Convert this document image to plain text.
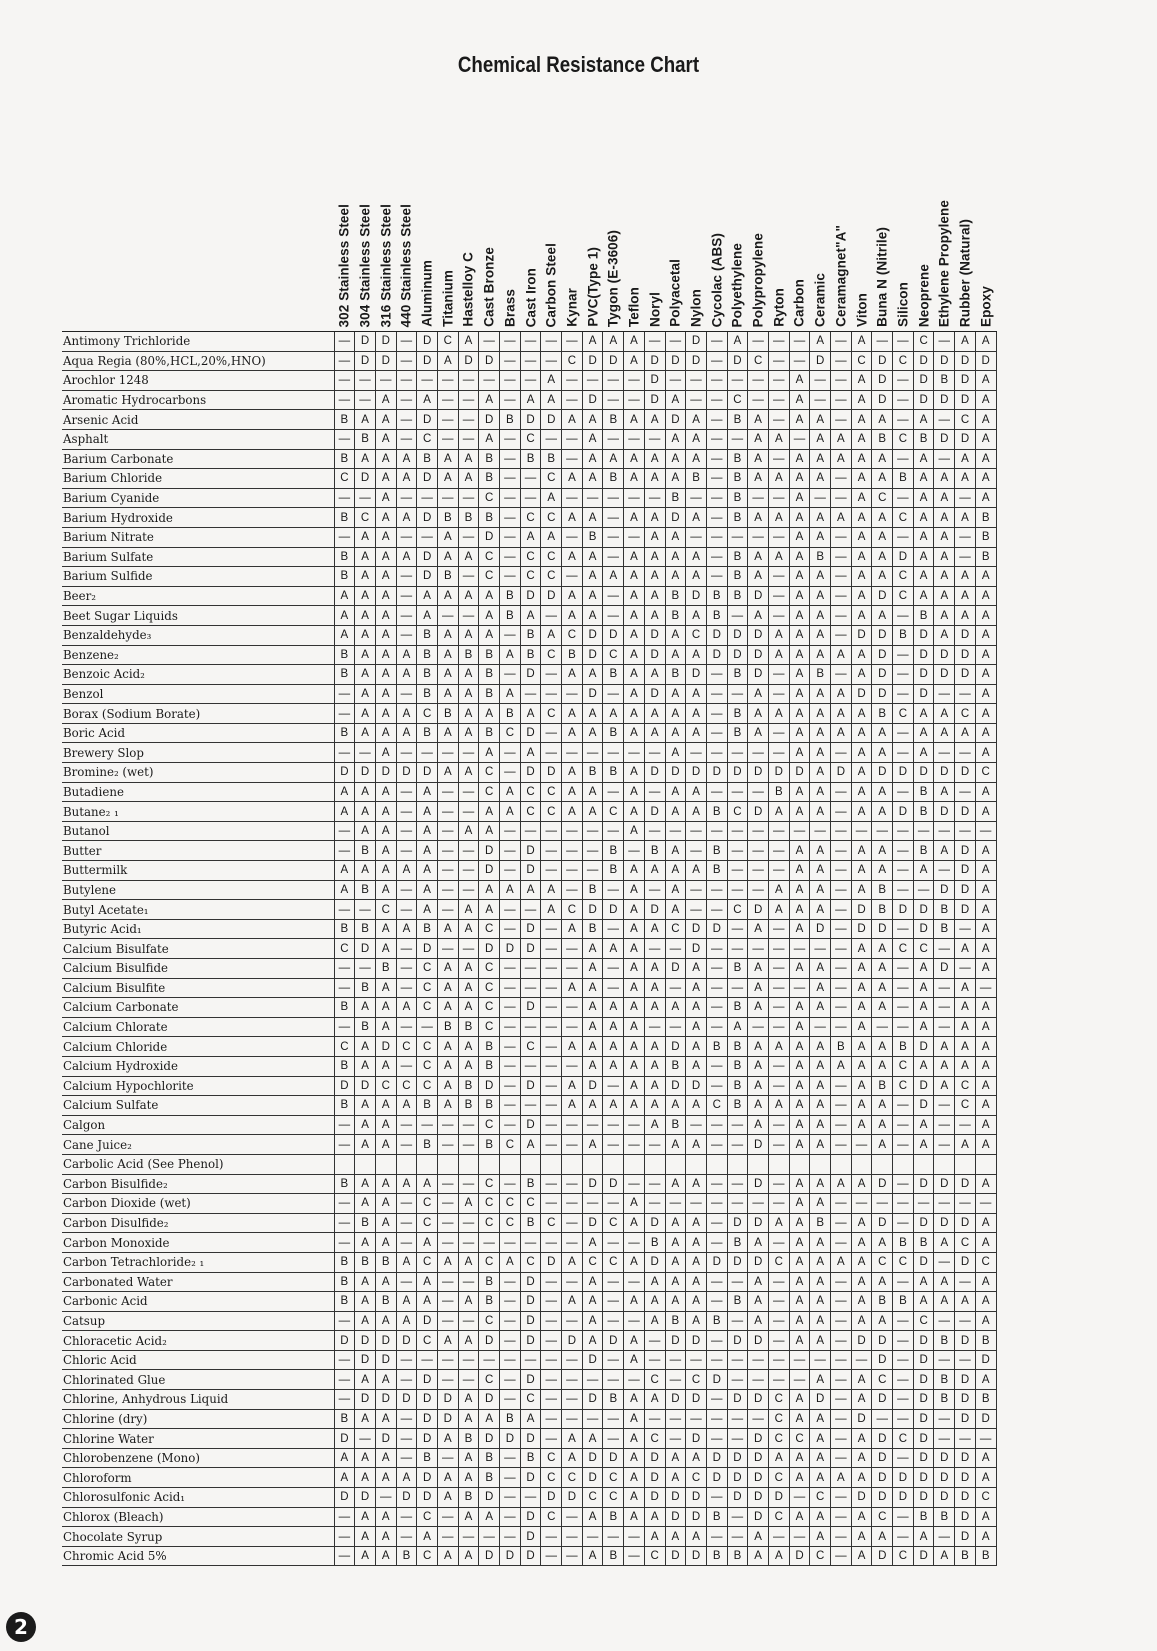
Chemical Resistance Chart

	302 Stainless Steel	304 Stainless Steel	316 Stainless Steel	440 Stainless Steel	Aluminum	Titanium	Hastelloy C	Cast Bronze	Brass	Cast Iron	Carbon Steel	Kynar	PVC(Type 1)	Tygon (E-3606)	Teflon	Noryl	Polyacetal	Nylon	Cycolac (ABS)	Polyethylene	Polypropylene	Ryton	Carbon	Ceramic	Ceramagnet"A"	Viton	Buna N (Nitrile)	Silicon	Neoprene	Ethylene Propylene	Rubber (Natural)	Epoxy

Antimony Trichloride	—	D	D	—	D	C	A	—	—	—	—	—	A	A	A	—	—	D	—	A	—	—	—	A	—	A	—	—	C	—	A	A
Aqua Regia (80%,HCL,20%,HNO)	—	D	D	—	D	A	D	D	—	—	—	C	D	D	A	D	D	D	—	D	C	—	—	D	—	C	D	C	D	D	D	D
Arochlor 1248	—	—	—	—	—	—	—	—	—	—	A	—	—	—	—	D	—	—	—	—	—	—	A	—	—	A	D	—	D	B	D	A
Aromatic Hydrocarbons	—	—	A	—	A	—	—	A	—	A	A	—	D	—	—	D	A	—	—	C	—	—	A	—	—	A	D	—	D	D	D	A
Arsenic Acid	B	A	A	—	D	—	—	D	B	D	D	A	A	B	A	A	D	A	—	B	A	—	A	A	—	A	A	—	A	—	C	A
Asphalt	—	B	A	—	C	—	—	A	—	C	—	—	A	—	—	—	A	A	—	—	A	A	—	A	A	A	B	C	B	D	D	A
Barium Carbonate	B	A	A	A	B	A	A	B	—	B	B	—	A	A	A	A	A	A	—	B	A	—	A	A	A	A	A	—	A	—	A	A
Barium Chloride	C	D	A	A	D	A	A	B	—	—	C	A	A	B	A	A	A	B	—	B	A	A	A	A	—	A	A	B	A	A	A	A
Barium Cyanide	—	—	A	—	—	—	—	C	—	—	A	—	—	—	—	—	B	—	—	B	—	—	A	—	—	A	C	—	A	A	—	A
Barium Hydroxide	B	C	A	A	D	B	B	B	—	C	C	A	A	—	A	A	D	A	—	B	A	A	A	A	A	A	A	C	A	A	A	B
Barium Nitrate	—	A	A	—	—	A	—	D	—	A	A	—	B	—	—	A	A	—	—	—	—	—	A	A	—	A	A	—	A	A	—	B
Barium Sulfate	B	A	A	A	D	A	A	C	—	C	C	A	A	—	A	A	A	A	—	B	A	A	A	B	—	A	A	D	A	A	—	B
Barium Sulfide	B	A	A	—	D	B	—	C	—	C	C	—	A	A	A	A	A	A	—	B	A	—	A	A	—	A	A	C	A	A	A	A
Beer₂	A	A	A	—	A	A	A	A	B	D	D	A	A	—	A	A	B	D	B	B	D	—	A	A	—	A	D	C	A	A	A	A
Beet Sugar Liquids	A	A	A	—	A	—	—	A	B	A	—	A	A	—	A	A	B	A	B	—	A	—	A	A	—	A	A	—	B	A	A	A
Benzaldehyde₃	A	A	A	—	B	A	A	A	—	B	A	C	D	D	A	D	A	C	D	D	D	A	A	A	—	D	D	B	D	A	D	A
Benzene₂	B	A	A	A	B	A	B	B	A	B	C	B	D	C	A	D	A	A	D	D	D	A	A	A	A	A	D	—	D	D	D	A
Benzoic Acid₂	B	A	A	A	B	A	A	B	—	D	—	A	A	B	A	A	B	D	—	B	D	—	A	B	—	A	D	—	D	D	D	A
Benzol	—	A	A	—	B	A	A	B	A	—	—	—	D	—	A	D	A	A	—	—	A	—	A	A	A	D	D	—	D	—	—	A
Borax (Sodium Borate)	—	A	A	A	C	B	A	A	B	A	C	A	A	A	A	A	A	A	—	B	A	A	A	A	A	A	B	C	A	A	C	A
Boric Acid	B	A	A	A	B	A	A	B	C	D	—	A	A	B	A	A	A	A	—	B	A	—	A	A	A	A	A	—	A	A	A	A
Brewery Slop	—	—	A	—	—	—	—	A	—	A	—	—	—	—	—	—	A	—	—	—	—	—	A	A	—	A	A	—	A	—	—	A
Bromine₂ (wet)	D	D	D	D	D	A	A	C	—	D	D	A	B	B	A	D	D	D	D	D	D	D	D	A	D	A	D	D	D	D	D	C
Butadiene	A	A	A	—	A	—	—	C	A	C	C	A	A	—	A	—	A	A	—	—	—	B	A	A	—	A	A	—	B	A	—	A
Butane₂ ₁	A	A	A	—	A	—	—	A	A	C	C	A	A	C	A	D	A	A	B	C	D	A	A	A	—	A	A	D	B	D	D	A
Butanol	—	A	A	—	A	—	A	A	—	—	—	—	—	—	A	—	—	—	—	—	—	—	—	—	—	—	—	—	—	—	—	—
Butter	—	B	A	—	A	—	—	D	—	D	—	—	—	B	—	B	A	—	B	—	—	—	A	A	—	A	A	—	B	A	D	A
Buttermilk	A	A	A	A	A	—	—	D	—	D	—	—	—	B	A	A	A	A	B	—	—	—	A	A	—	A	A	—	A	—	D	A
Butylene	A	B	A	—	A	—	—	A	A	A	A	—	B	—	A	—	A	—	—	—	—	A	A	A	—	A	B	—	—	D	D	A
Butyl Acetate₁	—	—	C	—	A	—	A	A	—	—	A	C	D	D	A	D	A	—	—	C	D	A	A	A	—	D	B	D	D	B	D	A
Butyric Acid₁	B	B	A	A	B	A	A	C	—	D	—	A	B	—	A	A	C	D	D	—	A	—	A	D	—	D	D	—	D	B	—	A
Calcium Bisulfate	C	D	A	—	D	—	—	D	D	D	—	—	A	A	A	—	—	D	—	—	—	—	—	—	—	A	A	C	C	—	A	A
Calcium Bisulfide	—	—	B	—	C	A	A	C	—	—	—	—	A	—	A	A	D	A	—	B	A	—	A	A	—	A	A	—	A	D	—	A
Calcium Bisulfite	—	B	A	—	C	A	A	C	—	—	—	A	A	—	A	A	—	A	—	—	A	—	—	A	—	A	A	—	A	—	A	—
Calcium Carbonate	B	A	A	A	C	A	A	C	—	D	—	—	A	A	A	A	A	A	—	B	A	—	A	A	—	A	A	—	A	—	A	A
Calcium Chlorate	—	B	A	—	—	B	B	C	—	—	—	—	A	A	A	—	—	A	—	A	—	—	A	—	—	A	—	—	A	—	A	A
Calcium Chloride	C	A	D	C	C	A	A	B	—	C	—	A	A	A	A	A	D	A	B	B	A	A	A	A	B	A	A	B	D	A	A	A
Calcium Hydroxide	B	A	A	—	C	A	A	B	—	—	—	—	A	A	A	A	B	A	—	B	A	—	A	A	A	A	A	C	A	A	A	A
Calcium Hypochlorite	D	D	C	C	C	A	B	D	—	D	—	A	D	—	A	A	D	D	—	B	A	—	A	A	—	A	B	C	D	A	C	A
Calcium Sulfate	B	A	A	A	B	A	B	B	—	—	—	A	A	A	A	A	A	A	C	B	A	A	A	A	—	A	A	—	D	—	C	A
Calgon	—	A	A	—	—	—	—	C	—	D	—	—	—	—	—	A	B	—	—	—	A	—	A	A	—	A	A	—	A	—	—	A
Cane Juice₂	—	A	A	—	B	—	—	B	C	A	—	—	A	—	—	—	A	A	—	—	D	—	A	A	—	—	A	—	A	—	A	A
Carbolic Acid (See Phenol)																																
Carbon Bisulfide₂	B	A	A	A	A	—	—	C	—	B	—	—	D	D	—	—	A	A	—	—	D	—	A	A	A	A	D	—	D	D	D	A
Carbon Dioxide (wet)	—	A	A	—	C	—	A	C	C	C	—	—	—	—	A	—	—	—	—	—	—	—	A	A	—	—	—	—	—	—	—	—
Carbon Disulfide₂	—	B	A	—	C	—	—	C	C	B	C	—	D	C	A	D	A	A	—	D	D	A	A	B	—	A	D	—	D	D	D	A
Carbon Monoxide	—	A	A	—	A	—	—	—	—	—	—	—	A	—	—	B	A	A	—	B	A	—	A	A	—	A	A	B	B	A	C	A
Carbon Tetrachloride₂ ₁	B	B	B	A	C	A	A	C	A	C	D	A	C	C	A	D	A	A	D	D	D	C	A	A	A	A	C	C	D	—	D	C
Carbonated Water	B	A	A	—	A	—	—	B	—	D	—	—	A	—	—	A	A	A	—	—	A	—	A	A	—	A	A	—	A	A	—	A
Carbonic Acid	B	A	B	A	A	—	A	B	—	D	—	A	A	—	A	A	A	A	—	B	A	—	A	A	—	A	B	B	A	A	A	A
Catsup	—	A	A	A	D	—	—	C	—	D	—	—	A	—	—	A	B	A	B	—	A	—	A	A	—	A	A	—	C	—	—	A
Chloracetic Acid₂	D	D	D	D	C	A	A	D	—	D	—	D	A	D	A	—	D	D	—	D	D	—	A	A	—	D	D	—	D	B	D	B
Chloric Acid	—	D	D	—	—	—	—	—	—	—	—	—	D	—	A	—	—	—	—	—	—	—	—	—	—	—	D	—	D	—	—	D
Chlorinated Glue	—	A	A	—	D	—	—	C	—	D	—	—	—	—	—	C	—	C	D	—	—	—	—	A	—	A	C	—	D	B	D	A
Chlorine, Anhydrous Liquid	—	D	D	D	D	D	A	D	—	C	—	—	D	B	A	A	D	D	—	D	D	C	A	D	—	A	D	—	D	B	D	B
Chlorine (dry)	B	A	A	—	D	D	A	A	B	A	—	—	—	—	A	—	—	—	—	—	—	C	A	A	—	D	—	—	D	—	D	D
Chlorine Water	D	—	D	—	D	A	B	D	D	D	—	A	A	—	A	C	—	D	—	—	D	C	C	A	—	A	D	C	D	—	—	—
Chlorobenzene (Mono)	A	A	A	—	B	—	A	B	—	B	C	A	D	D	A	D	A	A	D	D	D	A	A	A	—	A	D	—	D	D	D	A
Chloroform	A	A	A	A	D	A	A	B	—	D	C	C	D	C	A	D	A	C	D	D	D	C	A	A	A	A	D	D	D	D	D	A
Chlorosulfonic Acid₁	D	D	—	D	D	A	B	D	—	—	D	D	C	C	A	D	D	D	—	D	D	D	—	C	—	D	D	D	D	D	D	C
Chlorox (Bleach)	—	A	A	—	C	—	A	A	—	D	C	—	A	B	A	A	D	D	B	—	D	C	A	A	—	A	C	—	B	B	D	A
Chocolate Syrup	—	A	A	—	A	—	—	—	—	D	—	—	—	—	—	A	A	A	—	—	A	—	—	A	—	A	A	—	A	—	D	A
Chromic Acid 5%	—	A	A	B	C	A	A	D	D	D	—	—	A	B	—	C	D	D	B	B	A	A	D	C	—	A	D	C	D	A	B	B
2
